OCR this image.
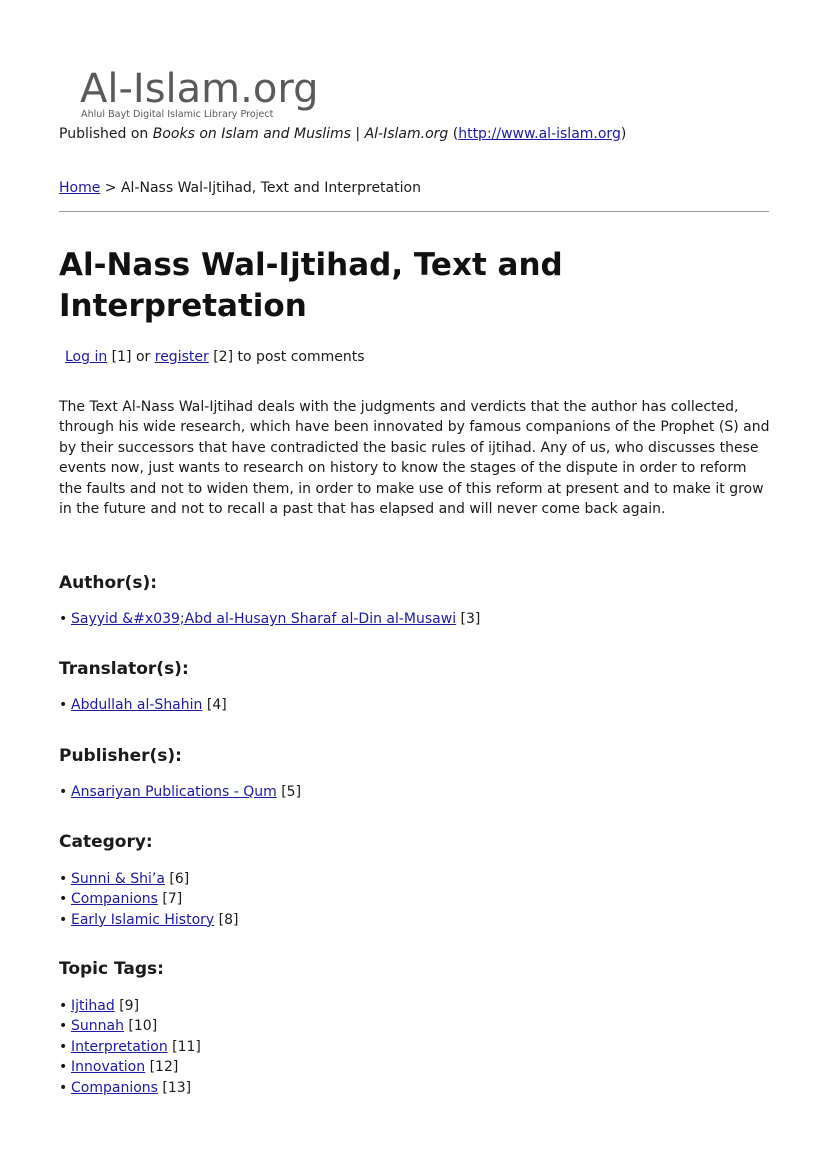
Al-Islam.org
Ahlul Bayt Digital Islamic Library Project
Published on Books on Islam and Muslims | Al-Islam.org (http://www.al-islam.org)
Home > Al-Nass Wal-Ijtihad, Text and Interpretation
Al-Nass Wal-Ijtihad, Text and Interpretation
Log in [1] or register [2] to post comments

The Text Al-Nass Wal-Ijtihad deals with the judgments and verdicts that the author has collected, through his wide research, which have been innovated by famous companions of the Prophet (S) and by their successors that have contradicted the basic rules of ijtihad. Any of us, who discusses these events now, just wants to research on history to know the stages of the dispute in order to reform the faults and not to widen them, in order to make use of this reform at present and to make it grow in the future and not to recall a past that has elapsed and will never come back again.

Author(s):
• Sayyid &#x039;Abd al-Husayn Sharaf al-Din al-Musawi [3]
Translator(s):
• Abdullah al-Shahin [4]
Publisher(s):
• Ansariyan Publications - Qum [5]
Category:
• Sunni & Shi’a [6]
• Companions [7]
• Early Islamic History [8]
Topic Tags:
• Ijtihad [9]
• Sunnah [10]
• Interpretation [11]
• Innovation [12]
• Companions [13]
